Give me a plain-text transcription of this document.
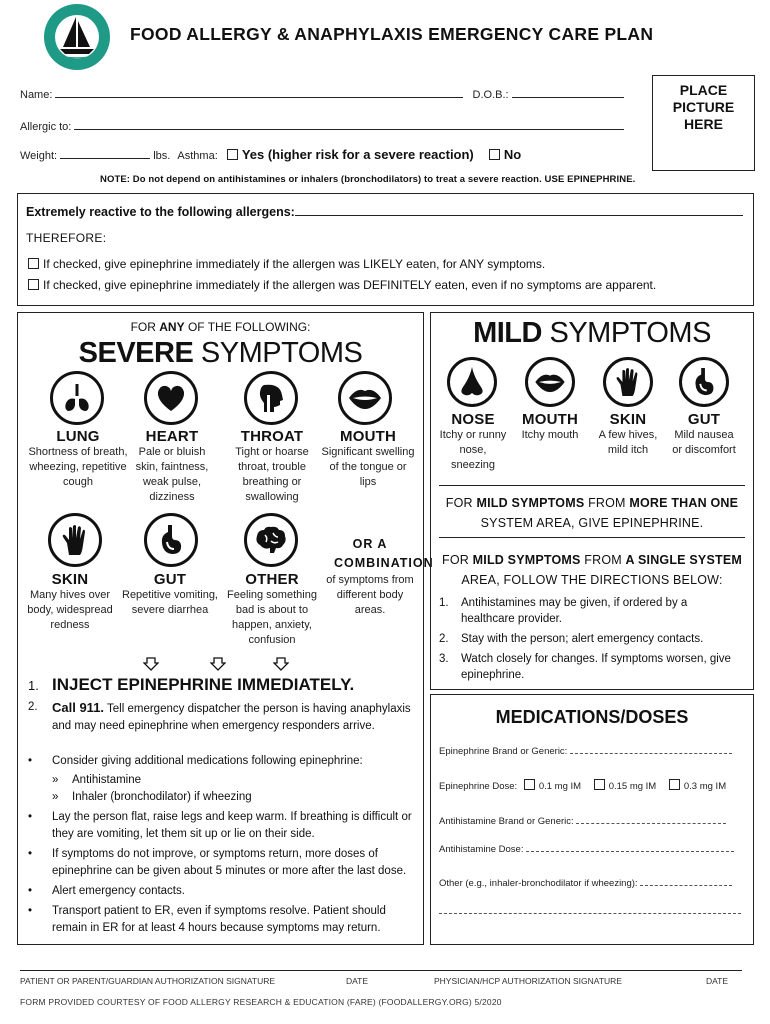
FOOD ALLERGY & ANAPHYLAXIS EMERGENCY CARE PLAN
Name:	D.O.B.:
Allergic to:
Weight:	lbs. Asthma: Yes (higher risk for a severe reaction) No
PLACE PICTURE HERE
NOTE: Do not depend on antihistamines or inhalers (bronchodilators) to treat a severe reaction. USE EPINEPHRINE.
Extremely reactive to the following allergens:
THEREFORE:
If checked, give epinephrine immediately if the allergen was LIKELY eaten, for ANY symptoms.
If checked, give epinephrine immediately if the allergen was DEFINITELY eaten, even if no symptoms are apparent.
FOR ANY OF THE FOLLOWING:
SEVERE SYMPTOMS
LUNG
Shortness of breath, wheezing, repetitive cough
HEART
Pale or bluish skin, faintness, weak pulse, dizziness
THROAT
Tight or hoarse throat, trouble breathing or swallowing
MOUTH
Significant swelling of the tongue or lips
SKIN
Many hives over body, widespread redness
GUT
Repetitive vomiting, severe diarrhea
OTHER
Feeling something bad is about to happen, anxiety, confusion
OR A COMBINATION
of symptoms from different body areas.
1. INJECT EPINEPHRINE IMMEDIATELY.
2.	Call 911. Tell emergency dispatcher the person is having anaphylaxis and may need epinephrine when emergency responders arrive.
•	Consider giving additional medications following epinephrine:
»	Antihistamine
»	Inhaler (bronchodilator) if wheezing
•	Lay the person flat, raise legs and keep warm. If breathing is difficult or they are vomiting, let them sit up or lie on their side.
•	If symptoms do not improve, or symptoms return, more doses of epinephrine can be given about 5 minutes or more after the last dose.
•	Alert emergency contacts.
•	Transport patient to ER, even if symptoms resolve. Patient should remain in ER for at least 4 hours because symptoms may return.
MILD SYMPTOMS
NOSE
Itchy or runny nose, sneezing
MOUTH
Itchy mouth
SKIN
A few hives, mild itch
GUT
Mild nausea or discomfort
FOR MILD SYMPTOMS FROM MORE THAN ONE
SYSTEM AREA, GIVE EPINEPHRINE.
FOR MILD SYMPTOMS FROM A SINGLE SYSTEM
AREA, FOLLOW THE DIRECTIONS BELOW:
1.	Antihistamines may be given, if ordered by a healthcare provider.
2.	Stay with the person; alert emergency contacts.
3.	Watch closely for changes. If symptoms worsen, give epinephrine.
MEDICATIONS/DOSES
Epinephrine Brand or Generic:
Epinephrine Dose: 0.1 mg IM	0.15 mg IM	0.3 mg IM
Antihistamine Brand or Generic:
Antihistamine Dose:
Other (e.g., inhaler-bronchodilator if wheezing):
PATIENT OR PARENT/GUARDIAN AUTHORIZATION SIGNATURE	DATE	PHYSICIAN/HCP AUTHORIZATION SIGNATURE	DATE
FORM PROVIDED COURTESY OF FOOD ALLERGY RESEARCH & EDUCATION (FARE) (FOODALLERGY.ORG) 5/2020
